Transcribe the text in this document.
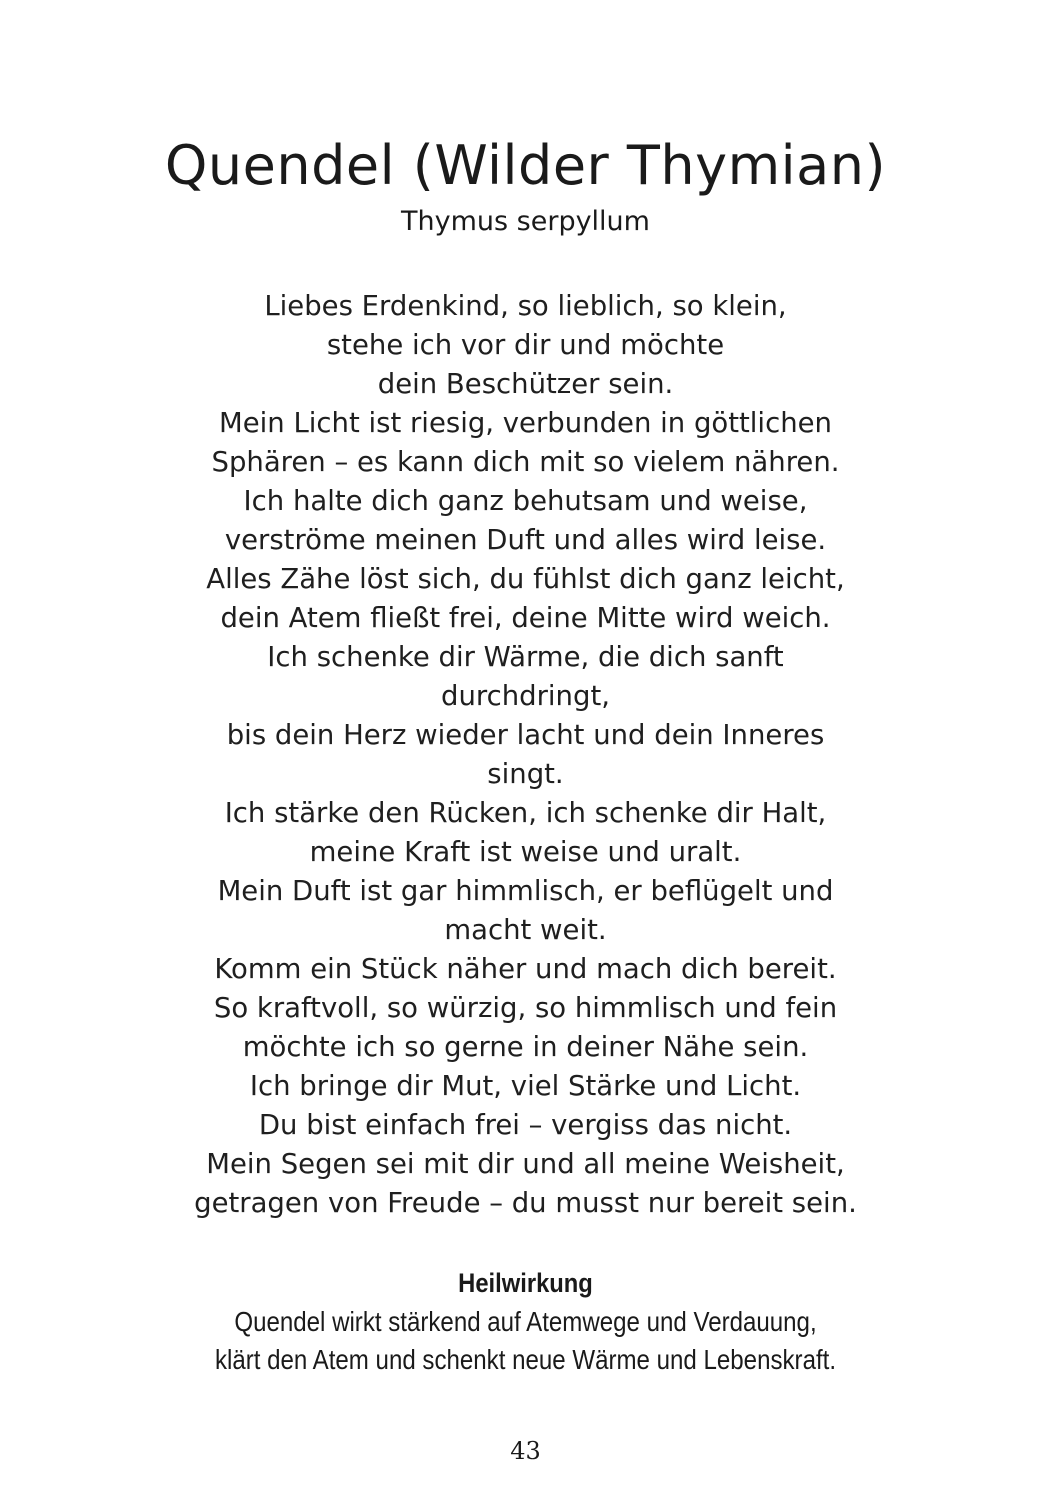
Quendel (Wilder Thymian)
Thymus serpyllum
Liebes Erdenkind, so lieblich, so klein,
stehe ich vor dir und möchte
dein Beschützer sein.
Mein Licht ist riesig, verbunden in göttlichen
Sphären – es kann dich mit so vielem nähren.
Ich halte dich ganz behutsam und weise,
verströme meinen Duft und alles wird leise.
Alles Zähe löst sich, du fühlst dich ganz leicht,
dein Atem fließt frei, deine Mitte wird weich.
Ich schenke dir Wärme, die dich sanft
durchdringt,
bis dein Herz wieder lacht und dein Inneres
singt.
Ich stärke den Rücken, ich schenke dir Halt,
meine Kraft ist weise und uralt.
Mein Duft ist gar himmlisch, er beflügelt und
macht weit.
Komm ein Stück näher und mach dich bereit.
So kraftvoll, so würzig, so himmlisch und fein
möchte ich so gerne in deiner Nähe sein.
Ich bringe dir Mut, viel Stärke und Licht.
Du bist einfach frei – vergiss das nicht.
Mein Segen sei mit dir und all meine Weisheit,
getragen von Freude – du musst nur bereit sein.
Heilwirkung
Quendel wirkt stärkend auf Atemwege und Verdauung,
klärt den Atem und schenkt neue Wärme und Lebenskraft.
43
